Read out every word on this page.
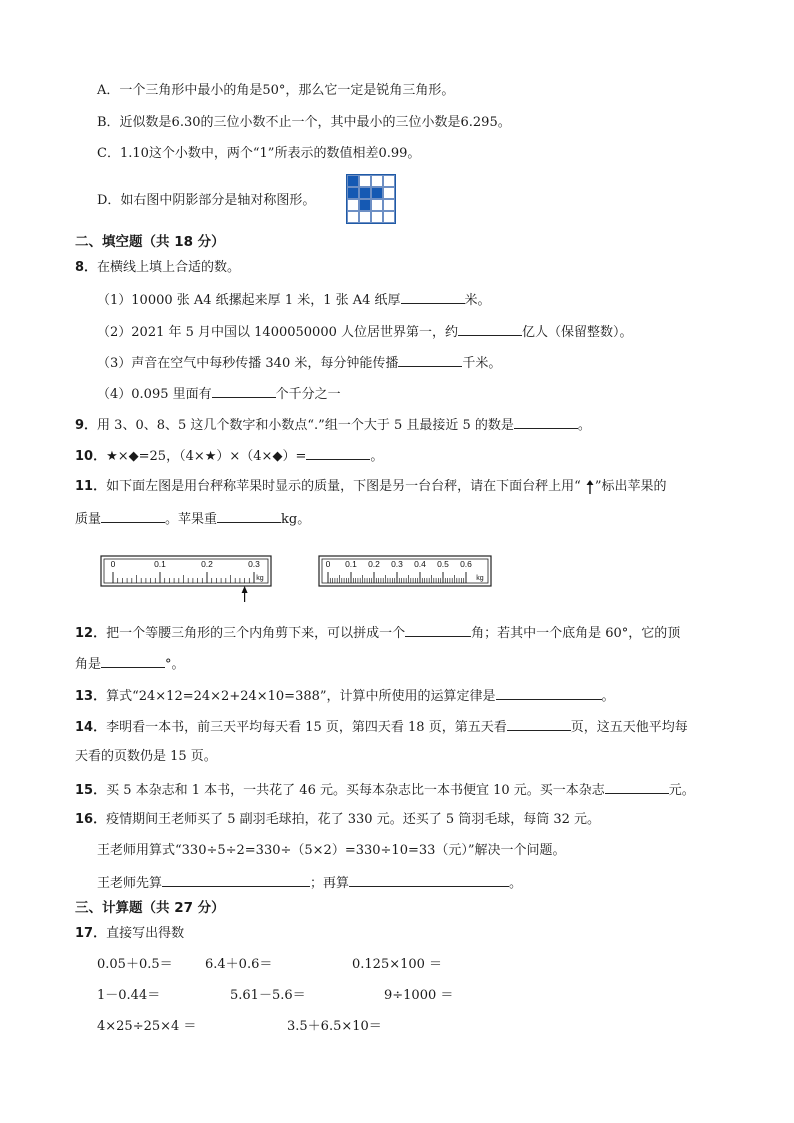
A．一个三角形中最小的角是50°，那么它一定是锐角三角形。
B．近似数是6.30的三位小数不止一个，其中最小的三位小数是6.295。
C．1.10这个小数中，两个“1”所表示的数值相差0.99。
D．如右图中阴影部分是轴对称图形。
二、填空题（共 18 分）
8．在横线上填上合适的数。
（1）10000 张 A4 纸摞起来厚 1 米，1 张 A4 纸厚	米。
（2）2021 年 5 月中国以 1400050000 人位居世界第一，约	亿人（保留整数）。
（3）声音在空气中每秒传播 340 米，每分钟能传播	千米。
（4）0.095 里面有	个千分之一
9．用 3、0、8、5 这几个数字和小数点“.”组一个大于 5 且最接近 5 的数是	。
10．★×◆=25，（4×★）×（4×◆）=	。
11．如下面左图是用台秤称苹果时显示的质量，下图是另一台台秤，请在下面台秤上用“ ”标出苹果的
质量	。苹果重	kg。
0	0.1	0.2	0.3
kg
0 0.1 0.2 0.3 0.4 0.5 0.6
kg
12．把一个等腰三角形的三个内角剪下来，可以拼成一个	角；若其中一个底角是 60°，它的顶
角是	°。
13．算式“24×12=24×2+24×10=388”，计算中所使用的运算定律是	。
14．李明看一本书，前三天平均每天看 15 页，第四天看 18 页，第五天看	页，这五天他平均每
天看的页数仍是 15 页。
15．买 5 本杂志和 1 本书，一共花了 46 元。买每本杂志比一本书便宜 10 元。买一本杂志	元。
16．疫情期间王老师买了 5 副羽毛球拍，花了 330 元。还买了 5 筒羽毛球，每筒 32 元。
王老师用算式“330÷5÷2=330÷（5×2）=330÷10=33（元）”解决一个问题。
王老师先算	；再算	。
三、计算题（共 27 分）
17．直接写出得数
0.05＋0.5＝ 6.4＋0.6＝	0.125×100 ＝
1－0.44＝	5.61－5.6＝	9÷1000 ＝
4×25÷25×4 ＝	3.5＋6.5×10＝
